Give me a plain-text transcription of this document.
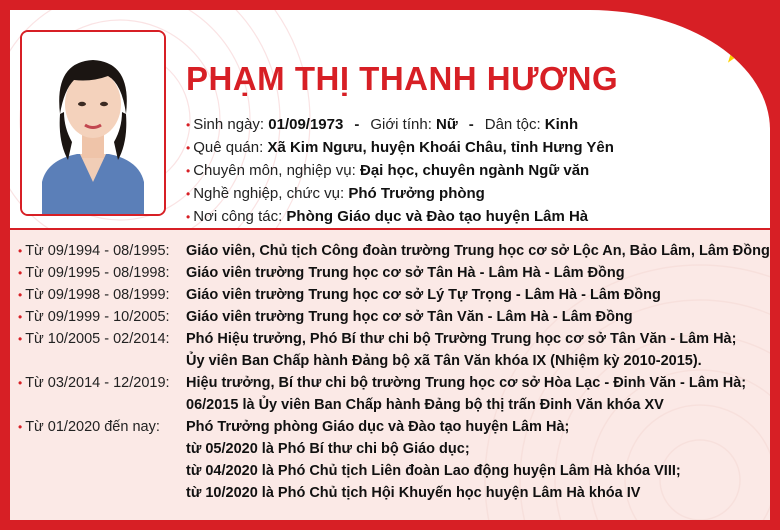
PHẠM THỊ THANH HƯƠNG
• Sinh ngày: 01/09/1973 - Giới tính: Nữ - Dân tộc: Kinh
• Quê quán: Xã Kim Ngưu, huyện Khoái Châu, tỉnh Hưng Yên
• Chuyên môn, nghiệp vụ: Đại học, chuyên ngành Ngữ văn
• Nghề nghiệp, chức vụ: Phó Trưởng phòng
• Nơi công tác: Phòng Giáo dục và Đào tạo huyện Lâm Hà
• Từ 09/1994 - 08/1995:	Giáo viên, Chủ tịch Công đoàn trường Trung học cơ sở Lộc An, Bảo Lâm, Lâm Đồng
• Từ 09/1995 - 08/1998:	Giáo viên trường Trung học cơ sở Tân Hà - Lâm Hà - Lâm Đồng
• Từ 09/1998 - 08/1999:	Giáo viên trường Trung học cơ sở Lý Tự Trọng - Lâm Hà - Lâm Đồng
• Từ 09/1999 - 10/2005:	Giáo viên trường Trung học cơ sở Tân Văn - Lâm Hà - Lâm Đồng
• Từ 10/2005 - 02/2014:	Phó Hiệu trưởng, Phó Bí thư chi bộ Trường Trung học cơ sở Tân Văn - Lâm Hà;
Ủy viên Ban Chấp hành Đảng bộ xã Tân Văn khóa IX (Nhiệm kỳ 2010-2015).
• Từ 03/2014 - 12/2019:	Hiệu trưởng, Bí thư chi bộ trường Trung học cơ sở Hòa Lạc - Đinh Văn - Lâm Hà;
06/2015 là Ủy viên Ban Chấp hành Đảng bộ thị trấn Đinh Văn khóa XV
• Từ 01/2020 đến nay:	Phó Trưởng phòng Giáo dục và Đào tạo huyện Lâm Hà;
từ 05/2020 là Phó Bí thư chi bộ Giáo dục;
từ 04/2020 là Phó Chủ tịch Liên đoàn Lao động huyện Lâm Hà khóa VIII;
từ 10/2020 là Phó Chủ tịch Hội Khuyến học huyện Lâm Hà khóa IV
